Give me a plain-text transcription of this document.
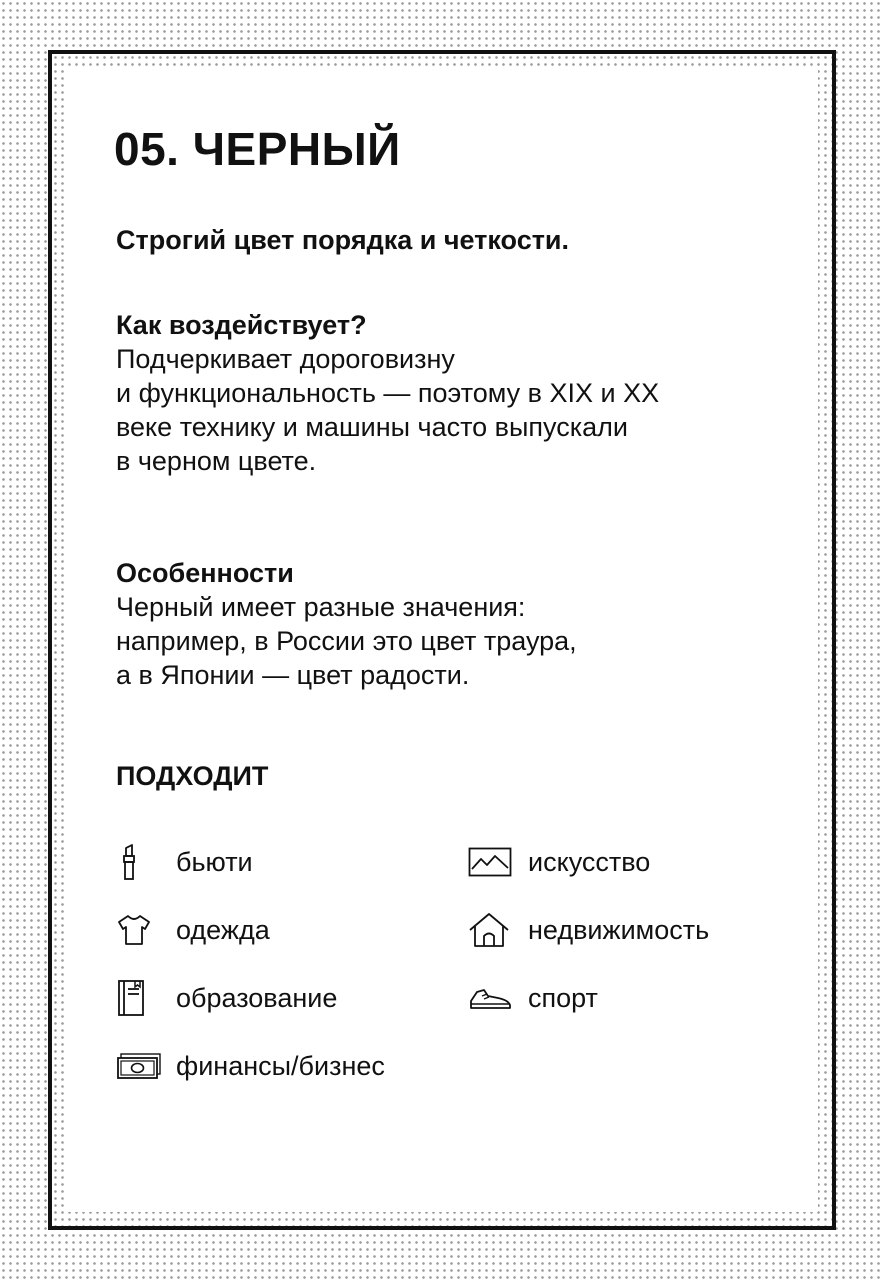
05. ЧЕРНЫЙ

Строгий цвет порядка и четкости.

Как воздействует?

Подчеркивает дороговизну

и функциональность — поэтому в XIX и XX

веке технику и машины часто выпускали

в черном цвете.

Особенности

Черный имеет разные значения:

например, в России это цвет траура,

а в Японии — цвет радости.

ПОДХОДИТ
бьюти	искусство
одежда	недвижимость
образование	спорт
финансы/бизнес
